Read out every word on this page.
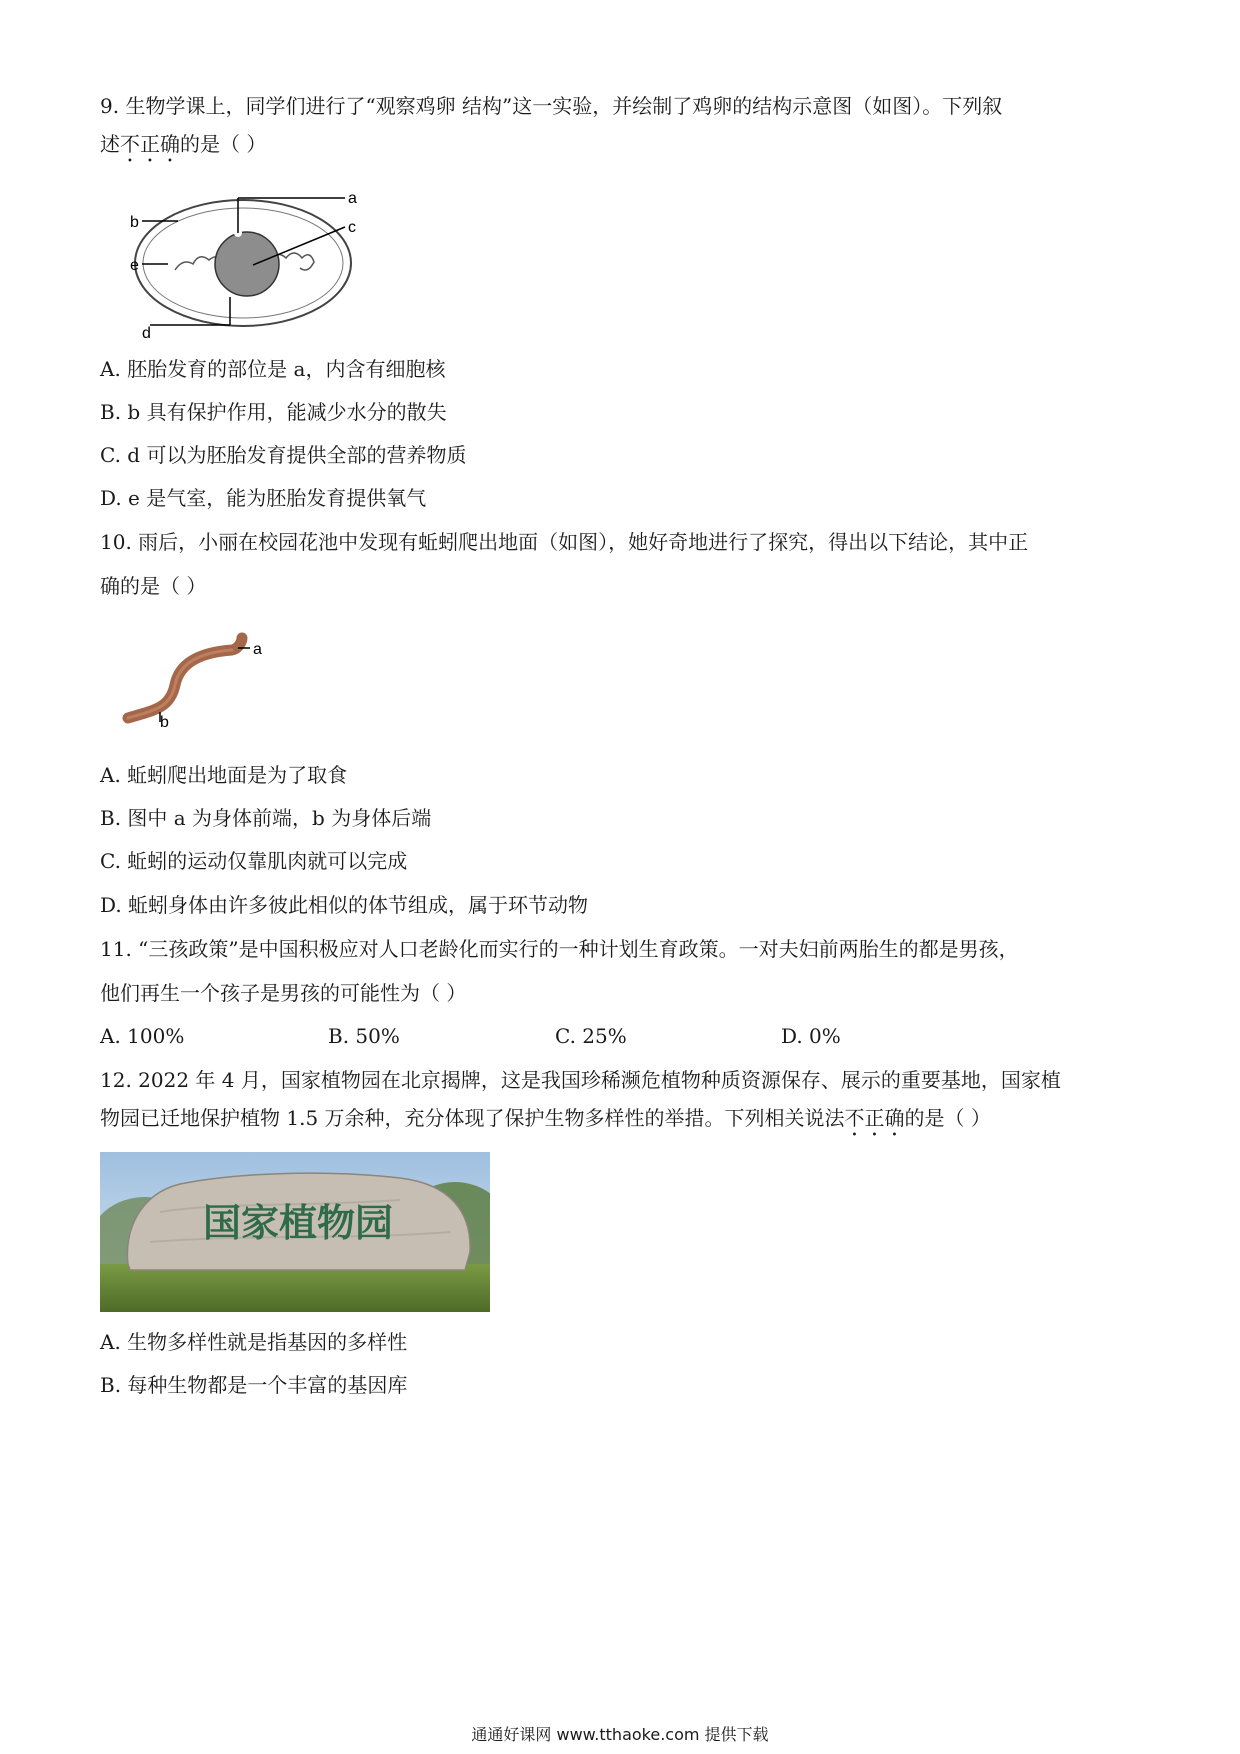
9. 生物学课上，同学们进行了“观察鸡卵 结构”这一实验，并绘制了鸡卵的结构示意图（如图）。下列叙
述不正确的是（ ）
a
c
b
e
d
A. 胚胎发育的部位是 a，内含有细胞核
B. b 具有保护作用，能减少水分的散失
C. d 可以为胚胎发育提供全部的营养物质
D. e 是气室，能为胚胎发育提供氧气
10. 雨后，小丽在校园花池中发现有蚯蚓爬出地面（如图），她好奇地进行了探究，得出以下结论，其中正
确的是（ ）
a
b
A. 蚯蚓爬出地面是为了取食
B. 图中 a 为身体前端，b 为身体后端
C. 蚯蚓的运动仅靠肌肉就可以完成
D. 蚯蚓身体由许多彼此相似的体节组成，属于环节动物
11. “三孩政策”是中国积极应对人口老龄化而实行的一种计划生育政策。一对夫妇前两胎生的都是男孩，
他们再生一个孩子是男孩的可能性为（ ）
A. 100%	B. 50%	C. 25%	D. 0%
12. 2022 年 4 月，国家植物园在北京揭牌，这是我国珍稀濒危植物种质资源保存、展示的重要基地，国家植
物园已迁地保护植物 1.5 万余种，充分体现了保护生物多样性的举措。下列相关说法不正确的是（ ）
国家植物园
A. 生物多样性就是指基因的多样性
B. 每种生物都是一个丰富的基因库
通通好课网 www.tthaoke.com 提供下载
